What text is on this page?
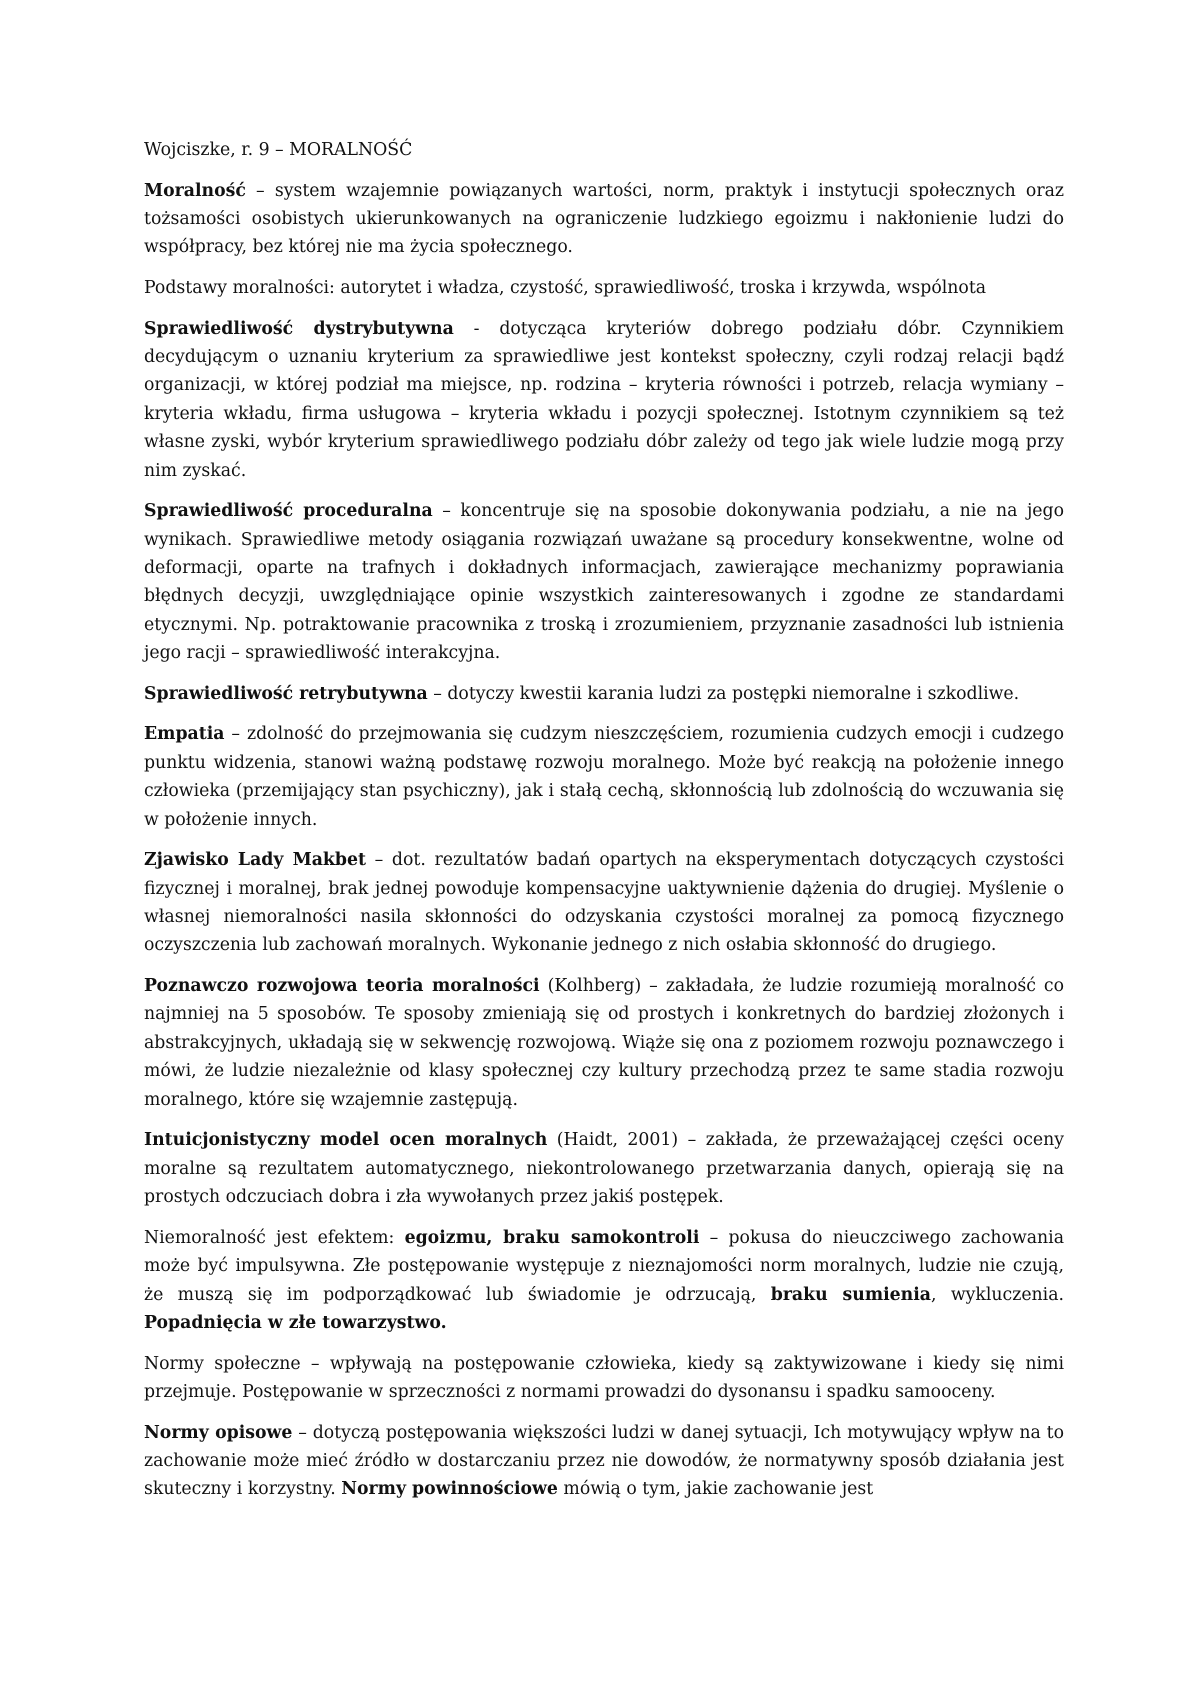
Wojciszke, r. 9 – MORALNOŚĆ

Moralność – system wzajemnie powiązanych wartości, norm, praktyk i instytucji społecznych oraz tożsamości osobistych ukierunkowanych na ograniczenie ludzkiego egoizmu i nakłonienie ludzi do współpracy, bez której nie ma życia społecznego.

Podstawy moralności: autorytet i władza, czystość, sprawiedliwość, troska i krzywda, wspólnota

Sprawiedliwość dystrybutywna - dotycząca kryteriów dobrego podziału dóbr. Czynnikiem decydującym o uznaniu kryterium za sprawiedliwe jest kontekst społeczny, czyli rodzaj relacji bądź organizacji, w której podział ma miejsce, np. rodzina – kryteria równości i potrzeb, relacja wymiany – kryteria wkładu, firma usługowa – kryteria wkładu i pozycji społecznej. Istotnym czynnikiem są też własne zyski, wybór kryterium sprawiedliwego podziału dóbr zależy od tego jak wiele ludzie mogą przy nim zyskać.

Sprawiedliwość proceduralna – koncentruje się na sposobie dokonywania podziału, a nie na jego wynikach. Sprawiedliwe metody osiągania rozwiązań uważane są procedury konsekwentne, wolne od deformacji, oparte na trafnych i dokładnych informacjach, zawierające mechanizmy poprawiania błędnych decyzji, uwzględniające opinie wszystkich zainteresowanych i zgodne ze standardami etycznymi. Np. potraktowanie pracownika z troską i zrozumieniem, przyznanie zasadności lub istnienia jego racji – sprawiedliwość interakcyjna.

Sprawiedliwość retrybutywna – dotyczy kwestii karania ludzi za postępki niemoralne i szkodliwe.

Empatia – zdolność do przejmowania się cudzym nieszczęściem, rozumienia cudzych emocji i cudzego punktu widzenia, stanowi ważną podstawę rozwoju moralnego. Może być reakcją na położenie innego człowieka (przemijający stan psychiczny), jak i stałą cechą, skłonnością lub zdolnością do wczuwania się w położenie innych.

Zjawisko Lady Makbet – dot. rezultatów badań opartych na eksperymentach dotyczących czystości fizycznej i moralnej, brak jednej powoduje kompensacyjne uaktywnienie dążenia do drugiej. Myślenie o własnej niemoralności nasila skłonności do odzyskania czystości moralnej za pomocą fizycznego oczyszczenia lub zachowań moralnych. Wykonanie jednego z nich osłabia skłonność do drugiego.

Poznawczo rozwojowa teoria moralności (Kolhberg) – zakładała, że ludzie rozumieją moralność co najmniej na 5 sposobów. Te sposoby zmieniają się od prostych i konkretnych do bardziej złożonych i abstrakcyjnych, układają się w sekwencję rozwojową. Wiąże się ona z poziomem rozwoju poznawczego i mówi, że ludzie niezależnie od klasy społecznej czy kultury przechodzą przez te same stadia rozwoju moralnego, które się wzajemnie zastępują.

Intuicjonistyczny model ocen moralnych (Haidt, 2001) – zakłada, że przeważającej części oceny moralne są rezultatem automatycznego, niekontrolowanego przetwarzania danych, opierają się na prostych odczuciach dobra i zła wywołanych przez jakiś postępek.

Niemoralność jest efektem: egoizmu, braku samokontroli – pokusa do nieuczciwego zachowania może być impulsywna. Złe postępowanie występuje z nieznajomości norm moralnych, ludzie nie czują, że muszą się im podporządkować lub świadomie je odrzucają, braku sumienia, wykluczenia. Popadnięcia w złe towarzystwo.

Normy społeczne – wpływają na postępowanie człowieka, kiedy są zaktywizowane i kiedy się nimi przejmuje. Postępowanie w sprzeczności z normami prowadzi do dysonansu i spadku samooceny.

Normy opisowe – dotyczą postępowania większości ludzi w danej sytuacji, Ich motywujący wpływ na to zachowanie może mieć źródło w dostarczaniu przez nie dowodów, że normatywny sposób działania jest skuteczny i korzystny. Normy powinnościowe mówią o tym, jakie zachowanie jest
